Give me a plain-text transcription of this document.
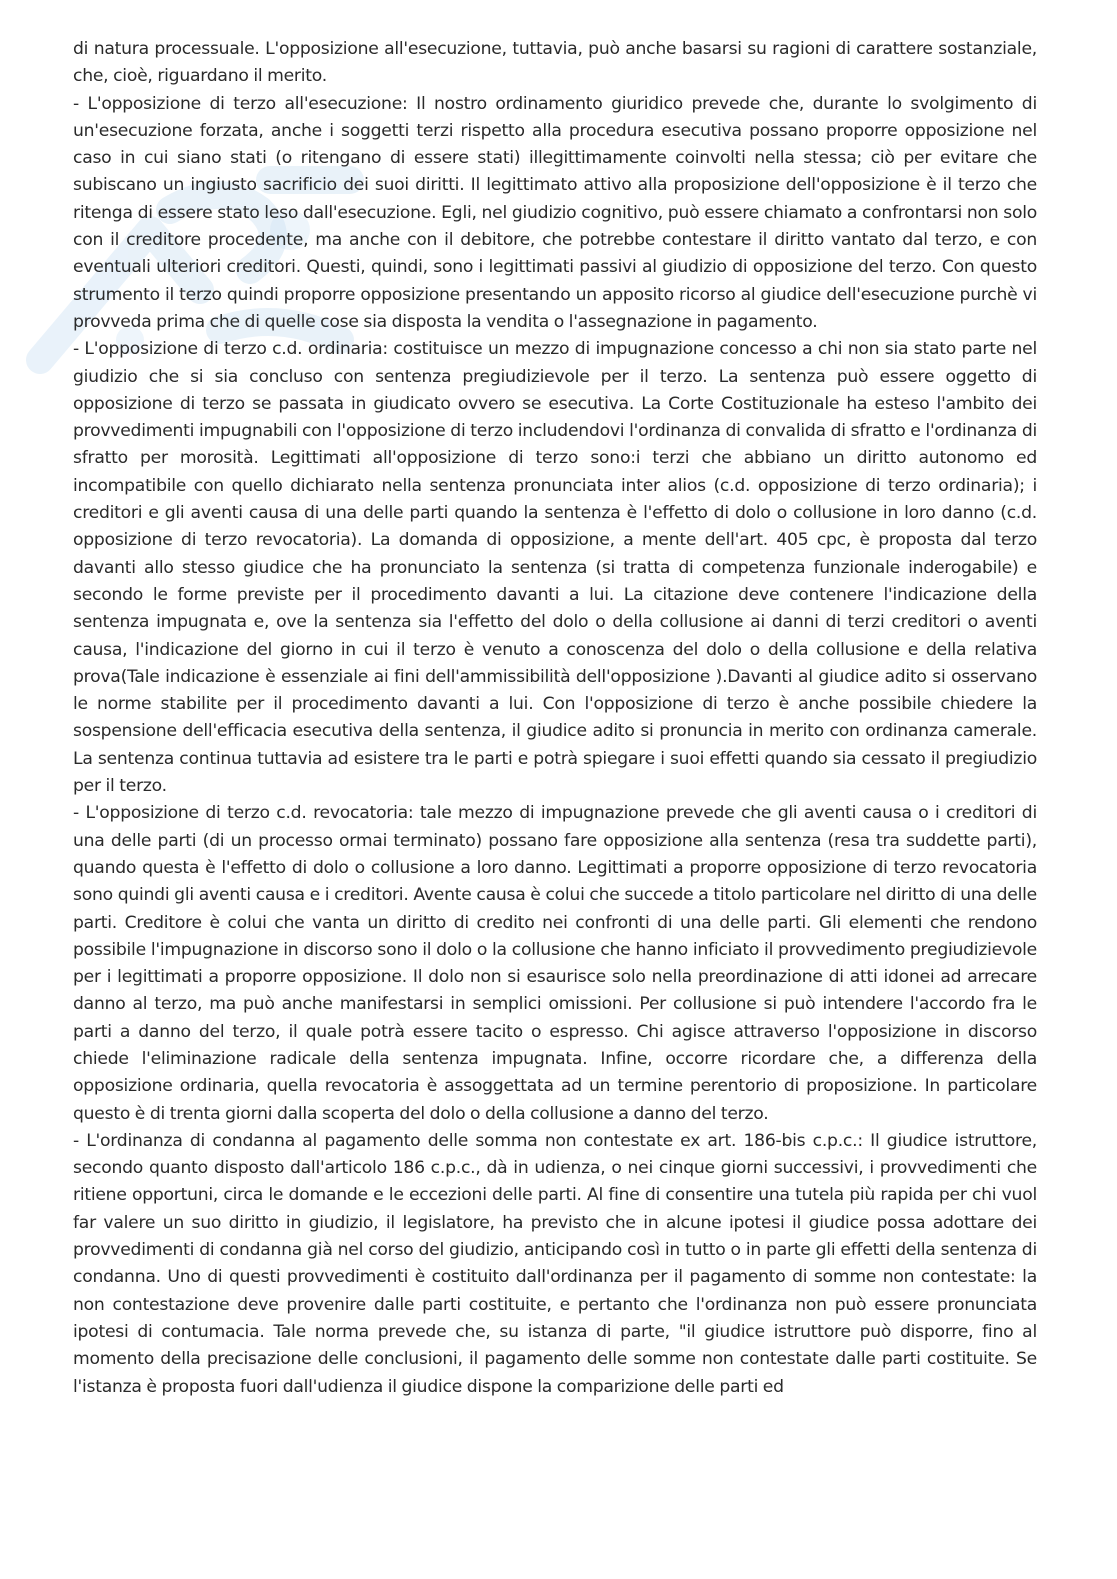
di natura processuale. L'opposizione all'esecuzione, tuttavia, può anche basarsi su ragioni di carattere sostanziale, che, cioè, riguardano il merito.

- L'opposizione di terzo all'esecuzione: Il nostro ordinamento giuridico prevede che, durante lo svolgimento di un'esecuzione forzata, anche i soggetti terzi rispetto alla procedura esecutiva possano proporre opposizione nel caso in cui siano stati (o ritengano di essere stati) illegittimamente coinvolti nella stessa; ciò per evitare che subiscano un ingiusto sacrificio dei suoi diritti. Il legittimato attivo alla proposizione dell'opposizione è il terzo che ritenga di essere stato leso dall'esecuzione. Egli, nel giudizio cognitivo, può essere chiamato a confrontarsi non solo con il creditore procedente, ma anche con il debitore, che potrebbe contestare il diritto vantato dal terzo, e con eventuali ulteriori creditori. Questi, quindi, sono i legittimati passivi al giudizio di opposizione del terzo. Con questo strumento il terzo quindi proporre opposizione presentando un apposito ricorso al giudice dell'esecuzione purchè vi provveda prima che di quelle cose sia disposta la vendita o l'assegnazione in pagamento.

- L'opposizione di terzo c.d. ordinaria: costituisce un mezzo di impugnazione concesso a chi non sia stato parte nel giudizio che si sia concluso con sentenza pregiudizievole per il terzo. La sentenza può essere oggetto di opposizione di terzo se passata in giudicato ovvero se esecutiva. La Corte Costituzionale ha esteso l'ambito dei provvedimenti impugnabili con l'opposizione di terzo includendovi l'ordinanza di convalida di sfratto e l'ordinanza di sfratto per morosità. Legittimati all'opposizione di terzo sono:i terzi che abbiano un diritto autonomo ed incompatibile con quello dichiarato nella sentenza pronunciata inter alios (c.d. opposizione di terzo ordinaria); i creditori e gli aventi causa di una delle parti quando la sentenza è l'effetto di dolo o collusione in loro danno (c.d. opposizione di terzo revocatoria). La domanda di opposizione, a mente dell'art. 405 cpc, è proposta dal terzo davanti allo stesso giudice che ha pronunciato la sentenza (si tratta di competenza funzionale inderogabile) e secondo le forme previste per il procedimento davanti a lui. La citazione deve contenere l'indicazione della sentenza impugnata e, ove la sentenza sia l'effetto del dolo o della collusione ai danni di terzi creditori o aventi causa, l'indicazione del giorno in cui il terzo è venuto a conoscenza del dolo o della collusione e della relativa prova(Tale indicazione è essenziale ai fini dell'ammissibilità dell'opposizione ).Davanti al giudice adito si osservano le norme stabilite per il procedimento davanti a lui. Con l'opposizione di terzo è anche possibile chiedere la sospensione dell'efficacia esecutiva della sentenza, il giudice adito si pronuncia in merito con ordinanza camerale. La sentenza continua tuttavia ad esistere tra le parti e potrà spiegare i suoi effetti quando sia cessato il pregiudizio per il terzo.

- L'opposizione di terzo c.d. revocatoria: tale mezzo di impugnazione prevede che gli aventi causa o i creditori di una delle parti (di un processo ormai terminato) possano fare opposizione alla sentenza (resa tra suddette parti), quando questa è l'effetto di dolo o collusione a loro danno. Legittimati a proporre opposizione di terzo revocatoria sono quindi gli aventi causa e i creditori. Avente causa è colui che succede a titolo particolare nel diritto di una delle parti. Creditore è colui che vanta un diritto di credito nei confronti di una delle parti. Gli elementi che rendono possibile l'impugnazione in discorso sono il dolo o la collusione che hanno inficiato il provvedimento pregiudizievole per i legittimati a proporre opposizione. Il dolo non si esaurisce solo nella preordinazione di atti idonei ad arrecare danno al terzo, ma può anche manifestarsi in semplici omissioni. Per collusione si può intendere l'accordo fra le parti a danno del terzo, il quale potrà essere tacito o espresso. Chi agisce attraverso l'opposizione in discorso chiede l'eliminazione radicale della sentenza impugnata. Infine, occorre ricordare che, a differenza della opposizione ordinaria, quella revocatoria è assoggettata ad un termine perentorio di proposizione. In particolare questo è di trenta giorni dalla scoperta del dolo o della collusione a danno del terzo.

- L'ordinanza di condanna al pagamento delle somma non contestate ex art. 186-bis c.p.c.: Il giudice istruttore, secondo quanto disposto dall'articolo 186 c.p.c., dà in udienza, o nei cinque giorni successivi, i provvedimenti che ritiene opportuni, circa le domande e le eccezioni delle parti. Al fine di consentire una tutela più rapida per chi vuol far valere un suo diritto in giudizio, il legislatore, ha previsto che in alcune ipotesi il giudice possa adottare dei provvedimenti di condanna già nel corso del giudizio, anticipando così in tutto o in parte gli effetti della sentenza di condanna. Uno di questi provvedimenti è costituito dall'ordinanza per il pagamento di somme non contestate: la non contestazione deve provenire dalle parti costituite, e pertanto che l'ordinanza non può essere pronunciata ipotesi di contumacia. Tale norma prevede che, su istanza di parte, "il giudice istruttore può disporre, fino al momento della precisazione delle conclusioni, il pagamento delle somme non contestate dalle parti costituite. Se l'istanza è proposta fuori dall'udienza il giudice dispone la comparizione delle parti ed
